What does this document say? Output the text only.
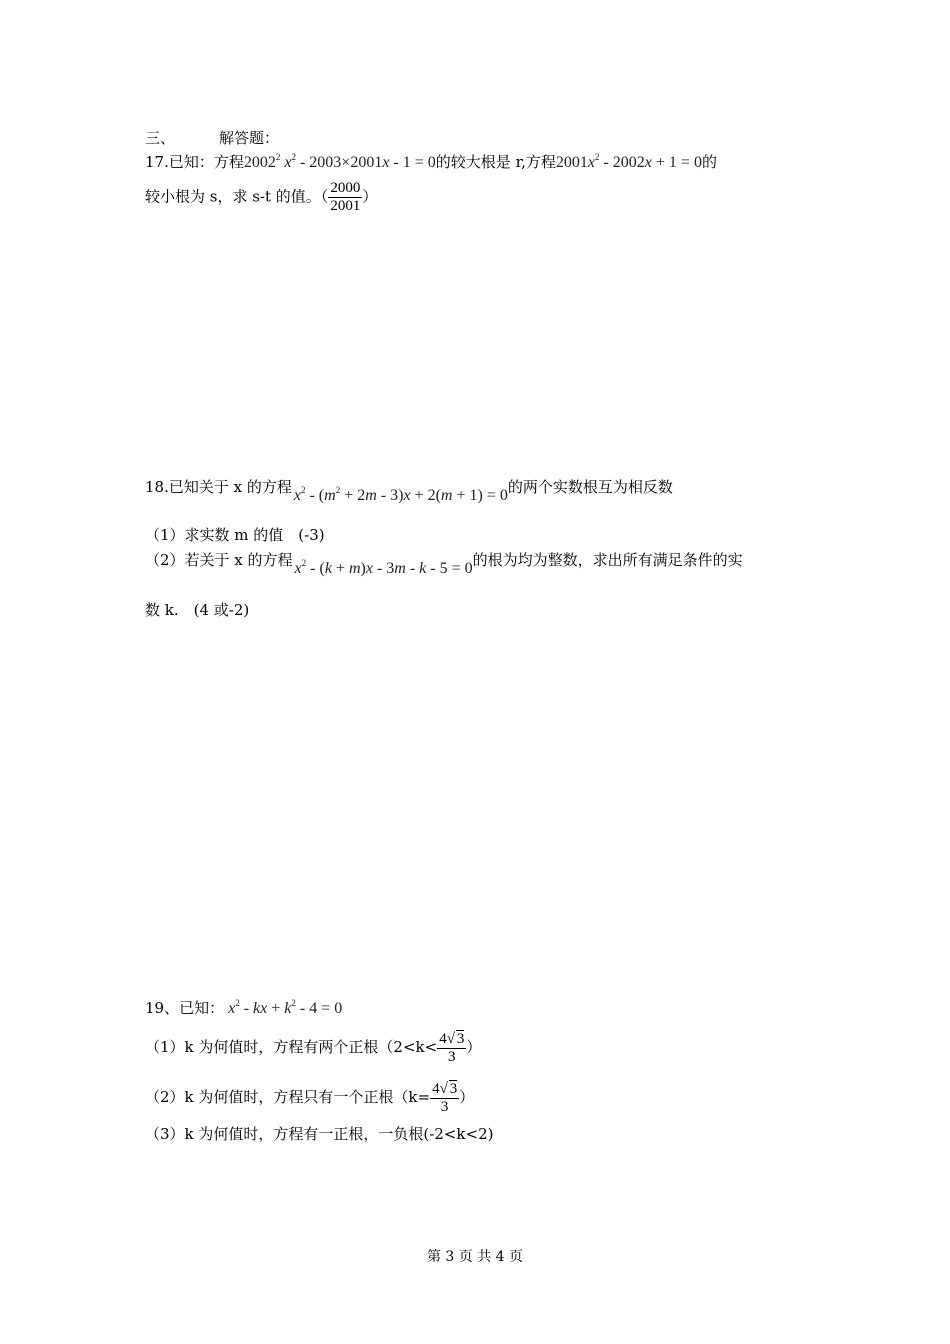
三、	解答题：
17.已知：方程2002$^2$ $x^2 - 2003\times 2001x - 1 = 0$的较大根是 r,方程$2001x^2 - 2002x + 1 = 0$的
较小根为 s，求 s-t 的值。（ $\frac{2000}{2001}$ ）
18.已知关于 x 的方程 $x^2 - (m^2 + 2m - 3)x + 2(m + 1) = 0$的两个实数根互为相反数
（1）求实数 m 的值　(-3)
（2）若关于 x 的方程 $x^2 - (k + m)x - 3m - k - 5 = 0$的根为均为整数，求出所有满足条件的实
数 k.　(4 或-2)
19、已知： $x^2$ - kx + $k^2 - 4 = 0$
（1）k 为何值时，方程有两个正根（$2<k< \frac{4√ 3}{3}$ ）
（2）k 为何值时，方程只有一个正根（$k= \frac{4√ 3}{3}$ ）
（3）k 为何值时，方程有一正根，一负根(-2<k<2)
第 3 页 共 4 页
